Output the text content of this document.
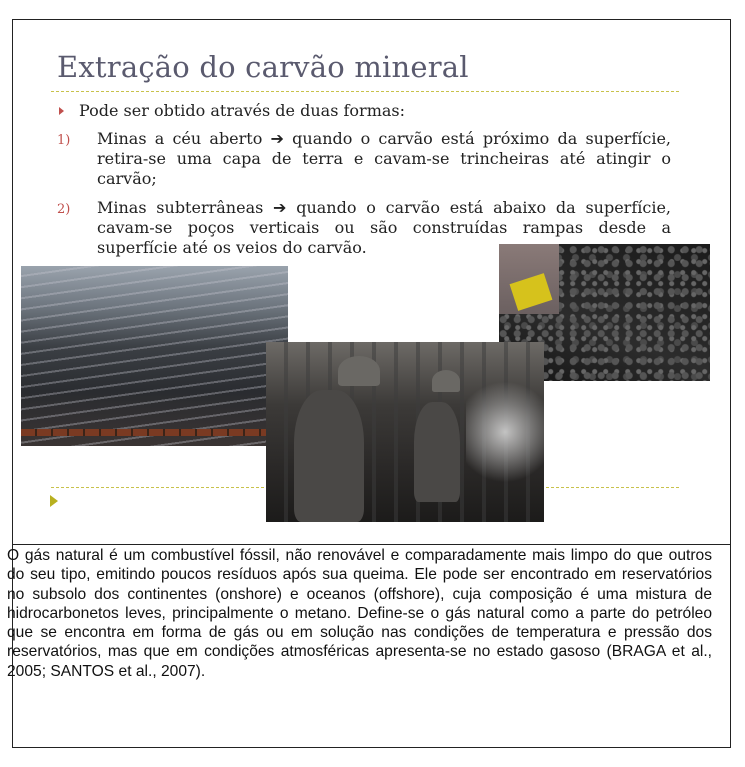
Extração do carvão mineral
Pode ser obtido através de duas formas:
1) Minas a céu aberto ➔ quando o carvão está próximo da superfície, retira-se uma capa de terra e cavam-se trincheiras até atingir o carvão;
2) Minas subterrâneas ➔ quando o carvão está abaixo da superfície, cavam-se poços verticais ou são construídas rampas desde a superfície até os veios do carvão.

O gás natural é um combustível fóssil, não renovável e comparadamente mais limpo do que outros do seu tipo, emitindo poucos resíduos após sua queima. Ele pode ser encontrado em reservatórios no subsolo dos continentes (onshore) e oceanos (offshore), cuja composição é uma mistura de hidrocarbonetos leves, principalmente o metano. Define-se o gás natural como a parte do petróleo que se encontra em forma de gás ou em solução nas condições de temperatura e pressão dos reservatórios, mas que em condições atmosféricas apresenta-se no estado gasoso (BRAGA et al., 2005; SANTOS et al., 2007).
